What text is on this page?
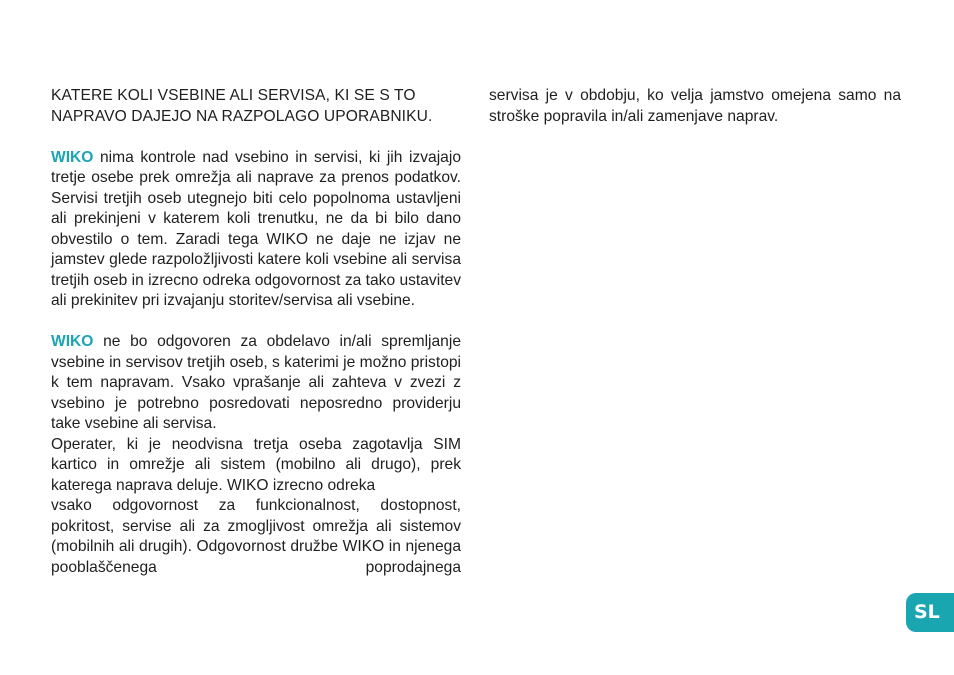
KATERE KOLI VSEBINE ALI SERVISA, KI SE S TO NAPRAVO DAJEJO NA RAZPOLAGO UPORABNIKU.

WIKO nima kontrole nad vsebino in servisi, ki jih izvajajo tretje osebe prek omrežja ali naprave za prenos podatkov. Servisi tretjih oseb utegnejo biti celo popolnoma ustavljeni ali prekinjeni v katerem koli trenutku, ne da bi bilo dano obvestilo o tem. Zaradi tega WIKO ne daje ne izjav ne jamstev glede razpoložljivosti katere koli vsebine ali servisa tretjih oseb in izrecno odreka odgovornost za tako ustavitev ali prekinitev pri izvajanju storitev/servisa ali vsebine.

WIKO ne bo odgovoren za obdelavo in/ali spremljanje vsebine in servisov tretjih oseb, s katerimi je možno pristopi k tem napravam. Vsako vprašanje ali zahteva v zvezi z vsebino je potrebno posredovati neposredno providerju take vsebine ali servisa.

Operater, ki je neodvisna tretja oseba zagotavlja SIM kartico in omrežje ali sistem (mobilno ali drugo), prek katerega naprava deluje. WIKO izrecno odreka

vsako odgovornost za funkcionalnost, dostopnost, pokritost, servise ali za zmogljivost omrežja ali sistemov (mobilnih ali drugih). Odgovornost družbe WIKO in njenega pooblaščenega poprodajnega

servisa je v obdobju, ko velja jamstvo omejena samo na stroške popravila in/ali zamenjave naprav.

SL
